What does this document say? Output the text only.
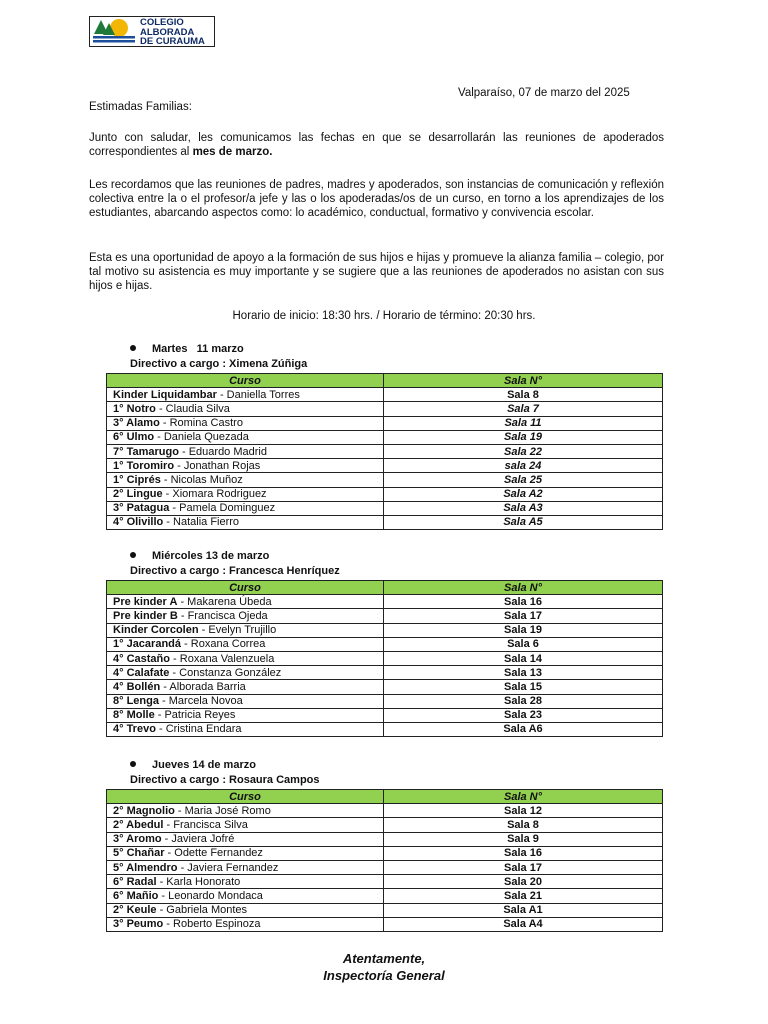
COLEGIO
ALBORADA
DE CURAUMA
Valparaíso, 07 de marzo del 2025
Estimadas Familias:
Junto con saludar, les comunicamos las fechas en que se desarrollarán las reuniones de apoderados correspondientes al mes de marzo.
Les recordamos que las reuniones de padres, madres y apoderados, son instancias de comunicación y reflexión colectiva entre la o el profesor/a jefe y las o los apoderadas/os de un curso, en torno a los aprendizajes de los estudiantes, abarcando aspectos como: lo académico, conductual, formativo y convivencia escolar.
Esta es una oportunidad de apoyo a la formación de sus hijos e hijas y promueve la alianza familia – colegio, por tal motivo su asistencia es muy importante y se sugiere que a las reuniones de apoderados no asistan con sus hijos e hijas.
Horario de inicio: 18:30 hrs. / Horario de término: 20:30 hrs.
Martes   11 marzo
Directivo a cargo : Ximena Zúñiga
Curso	Sala N°
Kinder Liquidambar - Daniella Torres	Sala 8
1° Notro - Claudia Silva	Sala 7
3° Alamo - Romina Castro	Sala 11
6° Ulmo - Daniela Quezada	Sala 19
7° Tamarugo - Eduardo Madrid	Sala 22
1° Toromiro - Jonathan Rojas	sala 24
1° Ciprés - Nicolas Muñoz	Sala 25
2° Lingue - Xiomara Rodriguez	Sala A2
3° Patagua - Pamela Dominguez	Sala A3
4° Olivillo - Natalia Fierro	Sala A5
Miércoles 13 de marzo
Directivo a cargo : Francesca Henríquez
Curso	Sala N°
Pre kinder A - Makarena Úbeda	Sala 16
Pre kinder B - Francisca Ojeda	Sala 17
Kinder Corcolen - Evelyn Trujillo	Sala 19
1° Jacarandá - Roxana Correa	Sala 6
4° Castaño - Roxana Valenzuela	Sala 14
4° Calafate - Constanza González	Sala 13
4° Bollén - Alborada Barria	Sala 15
8° Lenga - Marcela Novoa	Sala 28
8° Molle - Patricia Reyes	Sala 23
4° Trevo - Cristina Endara	Sala A6
Jueves 14 de marzo
Directivo a cargo : Rosaura Campos
Curso	Sala N°
2° Magnolio - Maria José Romo	Sala 12
2° Abedul - Francisca Silva	Sala 8
3° Aromo - Javiera Jofré	Sala 9
5° Chañar - Odette Fernandez	Sala 16
5° Almendro - Javiera Fernandez	Sala 17
6° Radal - Karla Honorato	Sala 20
6° Mañio - Leonardo Mondaca	Sala 21
2° Keule - Gabriela Montes	Sala A1
3° Peumo - Roberto Espinoza	Sala A4
Atentamente,
Inspectoría General
